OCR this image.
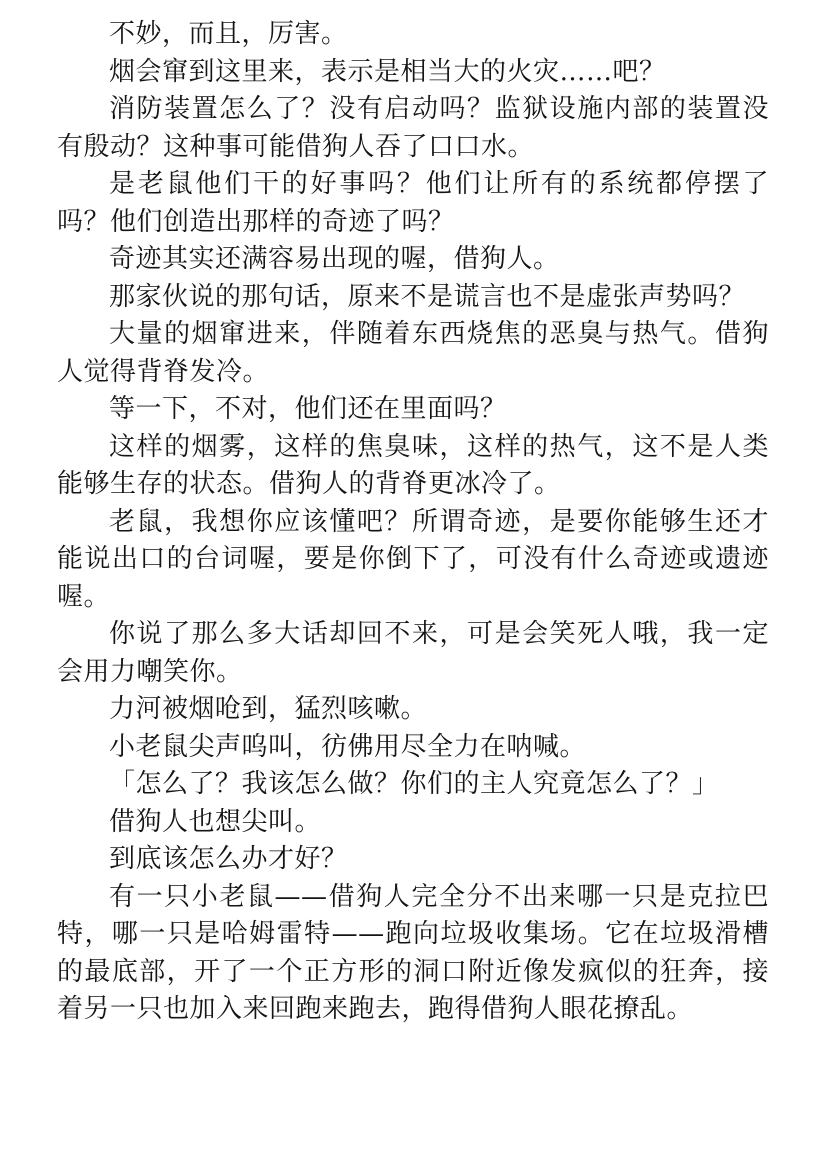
不妙，而且，厉害。

烟会窜到这里来，表示是相当大的火灾……吧？

消防装置怎么了？没有启动吗？监狱设施内部的装置没有殷动？这种事可能借狗人吞了口口水。

是老鼠他们干的好事吗？他们让所有的系统都停摆了吗？他们创造出那样的奇迹了吗？

奇迹其实还满容易出现的喔，借狗人。

那家伙说的那句话，原来不是谎言也不是虚张声势吗？

大量的烟窜进来，伴随着东西烧焦的恶臭与热气。借狗人觉得背脊发冷。

等一下，不对，他们还在里面吗？

这样的烟雾，这样的焦臭味，这样的热气，这不是人类能够生存的状态。借狗人的背脊更冰冷了。

老鼠，我想你应该懂吧？所谓奇迹，是要你能够生还才能说出口的台词喔，要是你倒下了，可没有什么奇迹或遗迹喔。

你说了那么多大话却回不来，可是会笑死人哦，我一定会用力嘲笑你。

力河被烟呛到，猛烈咳嗽。

小老鼠尖声呜叫，彷佛用尽全力在呐喊。

「怎么了？我该怎么做？你们的主人究竟怎么了？」

借狗人也想尖叫。

到底该怎么办才好？

有一只小老鼠——借狗人完全分不出来哪一只是克拉巴特，哪一只是哈姆雷特——跑向垃圾收集场。它在垃圾滑槽的最底部，开了一个正方形的洞口附近像发疯似的狂奔，接着另一只也加入来回跑来跑去，跑得借狗人眼花撩乱。
